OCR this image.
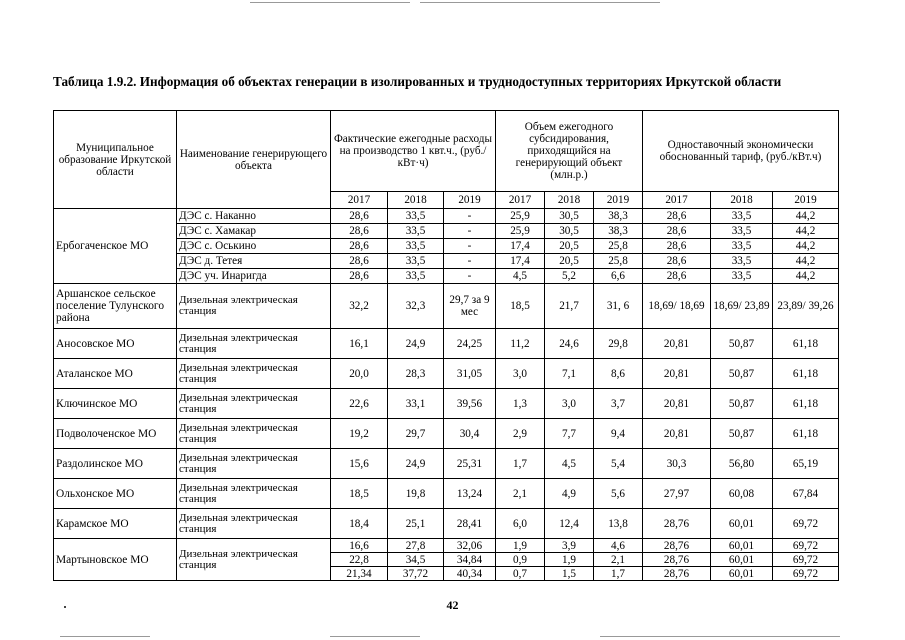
Таблица 1.9.2. Информация об объектах генерации в изолированных и труднодоступных территориях Иркутской области
Муниципальное образование Иркутской области	Наименование генерирующего объекта	Фактические ежегодные расходы на производство 1 квт.ч., (руб./кВт·ч)			Объем ежегодного субсидирования, приходящийся на генерирующий объект (млн.р.)			Одноставочный экономически обоснованный тариф, (руб./кВт.ч)		
		2017	2018	2019	2017	2018	2019	2017	2018	2019
Ербогаченское МО	ДЭС с. Наканно	28,6	33,5	-	25,9	30,5	38,3	28,6	33,5	44,2
	ДЭС с. Хамакар	28,6	33,5	-	25,9	30,5	38,3	28,6	33,5	44,2
	ДЭС с. Оськино	28,6	33,5	-	17,4	20,5	25,8	28,6	33,5	44,2
	ДЭС д. Тетея	28,6	33,5	-	17,4	20,5	25,8	28,6	33,5	44,2
	ДЭС уч. Инаригда	28,6	33,5	-	4,5	5,2	6,6	28,6	33,5	44,2
Аршанское сельское поселение Тулунского района	Дизельная электрическая станция	32,2	32,3	29,7 за 9 мес	18,5	21,7	31, 6	18,69/ 18,69	18,69/ 23,89	23,89/ 39,26
Аносовское МО	Дизельная электрическая станция	16,1	24,9	24,25	11,2	24,6	29,8	20,81	50,87	61,18
Аталанское МО	Дизельная электрическая станция	20,0	28,3	31,05	3,0	7,1	8,6	20,81	50,87	61,18
Ключинское МО	Дизельная электрическая станция	22,6	33,1	39,56	1,3	3,0	3,7	20,81	50,87	61,18
Подволоченское МО	Дизельная электрическая станция	19,2	29,7	30,4	2,9	7,7	9,4	20,81	50,87	61,18
Раздолинское МО	Дизельная электрическая станция	15,6	24,9	25,31	1,7	4,5	5,4	30,3	56,80	65,19
Ольхонское МО	Дизельная электрическая станция	18,5	19,8	13,24	2,1	4,9	5,6	27,97	60,08	67,84
Карамское МО	Дизельная электрическая станция	18,4	25,1	28,41	6,0	12,4	13,8	28,76	60,01	69,72
Мартыновское МО	Дизельная электрическая станция	16,6	27,8	32,06	1,9	3,9	4,6	28,76	60,01	69,72
		22,8	34,5	34,84	0,9	1,9	2,1	28,76	60,01	69,72
		21,34	37,72	40,34	0,7	1,5	1,7	28,76	60,01	69,72
42
